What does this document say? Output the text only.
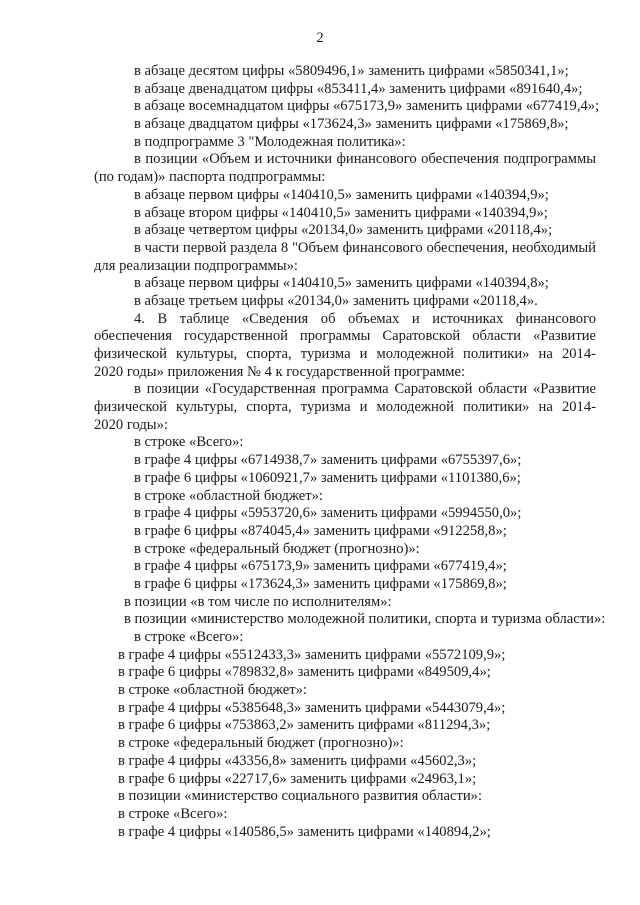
2
в абзаце десятом цифры «5809496,1» заменить цифрами «5850341,1»;
в абзаце двенадцатом цифры «853411,4» заменить цифрами «891640,4»;
в абзаце восемнадцатом цифры «675173,9» заменить цифрами «677419,4»;
в абзаце двадцатом цифры «173624,3» заменить цифрами «175869,8»;
в подпрограмме 3 "Молодежная политика»:
в позиции «Объем и источники финансового обеспечения подпрограммы
(по годам)» паспорта подпрограммы:
в абзаце первом цифры «140410,5» заменить цифрами «140394,9»;
в абзаце втором цифры «140410,5» заменить цифрами «140394,9»;
в абзаце четвертом цифры «20134,0» заменить цифрами «20118,4»;
в части первой раздела 8 "Объем финансового обеспечения, необходимый
для реализации подпрограммы»:
в абзаце первом цифры «140410,5» заменить цифрами «140394,8»;
в абзаце третьем цифры «20134,0» заменить цифрами «20118,4».
4. В таблице «Сведения об объемах и источниках финансового
обеспечения государственной программы Саратовской области «Развитие
физической культуры, спорта, туризма и молодежной политики» на 2014-
2020 годы» приложения № 4 к государственной программе:
в позиции «Государственная программа Саратовской области «Развитие
физической культуры, спорта, туризма и молодежной политики» на 2014-
2020 годы»:
в строке «Всего»:
в графе 4 цифры «6714938,7» заменить цифрами «6755397,6»;
в графе 6 цифры «1060921,7» заменить цифрами «1101380,6»;
в строке «областной бюджет»:
в графе 4 цифры «5953720,6» заменить цифрами «5994550,0»;
в графе 6 цифры «874045,4» заменить цифрами «912258,8»;
в строке «федеральный бюджет (прогнозно)»:
в графе 4 цифры «675173,9» заменить цифрами «677419,4»;
в графе 6 цифры «173624,3» заменить цифрами «175869,8»;
в позиции «в том числе по исполнителям»:
в позиции «министерство молодежной политики, спорта и туризма области»:
в строке «Всего»:
в графе 4 цифры «5512433,3» заменить цифрами «5572109,9»;
в графе 6 цифры «789832,8» заменить цифрами «849509,4»;
в строке «областной бюджет»:
в графе 4 цифры «5385648,3» заменить цифрами «5443079,4»;
в графе 6 цифры «753863,2» заменить цифрами «811294,3»;
в строке «федеральный бюджет (прогнозно)»:
в графе 4 цифры «43356,8» заменить цифрами «45602,3»;
в графе 6 цифры «22717,6» заменить цифрами «24963,1»;
в позиции «министерство социального развития области»:
в строке «Всего»:
в графе 4 цифры «140586,5» заменить цифрами «140894,2»;
